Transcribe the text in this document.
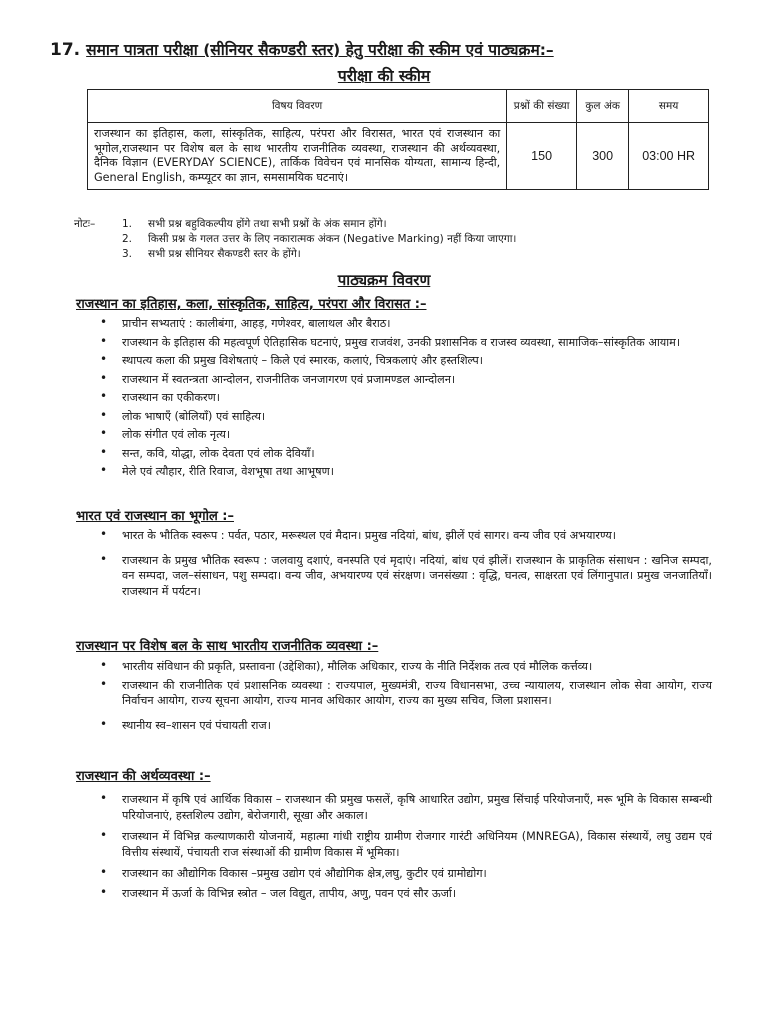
17. समान पात्रता परीक्षा (सीनियर सैकण्डरी स्तर) हेतु परीक्षा की स्कीम एवं पाठ्यक्रम:–
परीक्षा की स्कीम
विषय विवरण	प्रश्नों की संख्या	कुल अंक	समय
राजस्थान का इतिहास, कला, सांस्कृतिक, साहित्य, परंपरा और विरासत, भारत एवं राजस्थान का भूगोल,राजस्थान पर विशेष बल के साथ भारतीय राजनीतिक व्यवस्था, राजस्थान की अर्थव्यवस्था, दैनिक विज्ञान (EVERYDAY SCIENCE), तार्किक विवेचन एवं मानसिक योग्यता, सामान्य हिन्दी, General English, कम्प्यूटर का ज्ञान, समसामयिक घटनाएं।	150	300	03:00 HR
नोटः–	1. सभी प्रश्न बहुविकल्पीय होंगे तथा सभी प्रश्नों के अंक समान होंगे।
2. किसी प्रश्न के गलत उत्तर के लिए नकारात्मक अंकन (Negative Marking) नहीं किया जाएगा।
3. सभी प्रश्न सीनियर सैकण्डरी स्तर के होंगे।
पाठ्यक्रम विवरण
राजस्थान का इतिहास, कला, सांस्कृतिक, साहित्य, परंपरा और विरासत :–
• प्राचीन सभ्यताएं : कालीबंगा, आहड़, गणेश्वर, बालाथल और बैराठ।
• राजस्थान के इतिहास की महत्वपूर्ण ऐतिहासिक घटनाएं, प्रमुख राजवंश, उनकी प्रशासनिक व राजस्व व्यवस्था, सामाजिक–सांस्कृतिक आयाम।
• स्थापत्य कला की प्रमुख विशेषताएं – किले एवं स्मारक, कलाएं, चित्रकलाएं और हस्तशिल्प।
• राजस्थान में स्वतन्त्रता आन्दोलन, राजनीतिक जनजागरण एवं प्रजामण्डल आन्दोलन।
• राजस्थान का एकीकरण।
• लोक भाषाएँ (बोलियाँ) एवं साहित्य।
• लोक संगीत एवं लोक नृत्य।
• सन्त, कवि, योद्धा, लोक देवता एवं लोक देवियाँ।
• मेले एवं त्यौहार, रीति रिवाज, वेशभूषा तथा आभूषण।
भारत एवं राजस्थान का भूगोल :–
• भारत के भौतिक स्वरूप : पर्वत, पठार, मरूस्थल एवं मैदान। प्रमुख नदियां, बांध, झीलें एवं सागर। वन्य जीव एवं अभयारण्य।
• राजस्थान के प्रमुख भौतिक स्वरूप : जलवायु दशाएं, वनस्पति एवं मृदाएं। नदियां, बांध एवं झीलें। राजस्थान के प्राकृतिक संसाधन : खनिज सम्पदा, वन सम्पदा, जल–संसाधन, पशु सम्पदा। वन्य जीव, अभयारण्य एवं संरक्षण। जनसंख्या : वृद्धि, घनत्व, साक्षरता एवं लिंगानुपात। प्रमुख जनजातियाँ। राजस्थान में पर्यटन।
राजस्थान पर विशेष बल के साथ भारतीय राजनीतिक व्यवस्था :–
• भारतीय संविधान की प्रकृति, प्रस्तावना (उद्देशिका), मौलिक अधिकार, राज्य के नीति निर्देशक तत्व एवं मौलिक कर्त्तव्य।
• राजस्थान की राजनीतिक एवं प्रशासनिक व्यवस्था : राज्यपाल, मुख्यमंत्री, राज्य विधानसभा, उच्च न्यायालय, राजस्थान लोक सेवा आयोग, राज्य निर्वाचन आयोग, राज्य सूचना आयोग, राज्य मानव अधिकार आयोग, राज्य का मुख्य सचिव, जिला प्रशासन।
• स्थानीय स्व–शासन एवं पंचायती राज।
राजस्थान की अर्थव्यवस्था :–
• राजस्थान में कृषि एवं आर्थिक विकास – राजस्थान की प्रमुख फसलें, कृषि आधारित उद्योग, प्रमुख सिंचाई परियोजनाएँ, मरू भूमि के विकास सम्बन्धी परियोजनाएं, हस्तशिल्प उद्योग, बेरोजगारी, सूखा और अकाल।
• राजस्थान में विभिन्न कल्याणकारी योजनायें, महात्मा गांधी राष्ट्रीय ग्रामीण रोजगार गारंटी अधिनियम (MNREGA), विकास संस्थायें, लघु उद्यम एवं वित्तीय संस्थायें, पंचायती राज संस्थाओं की ग्रामीण विकास में भूमिका।
• राजस्थान का औद्योगिक विकास –प्रमुख उद्योग एवं औद्योगिक क्षेत्र,लघु, कुटीर एवं ग्रामोद्योग।
• राजस्थान में ऊर्जा के विभिन्न स्त्रोत – जल विद्युत, तापीय, अणु, पवन एवं सौर ऊर्जा।
